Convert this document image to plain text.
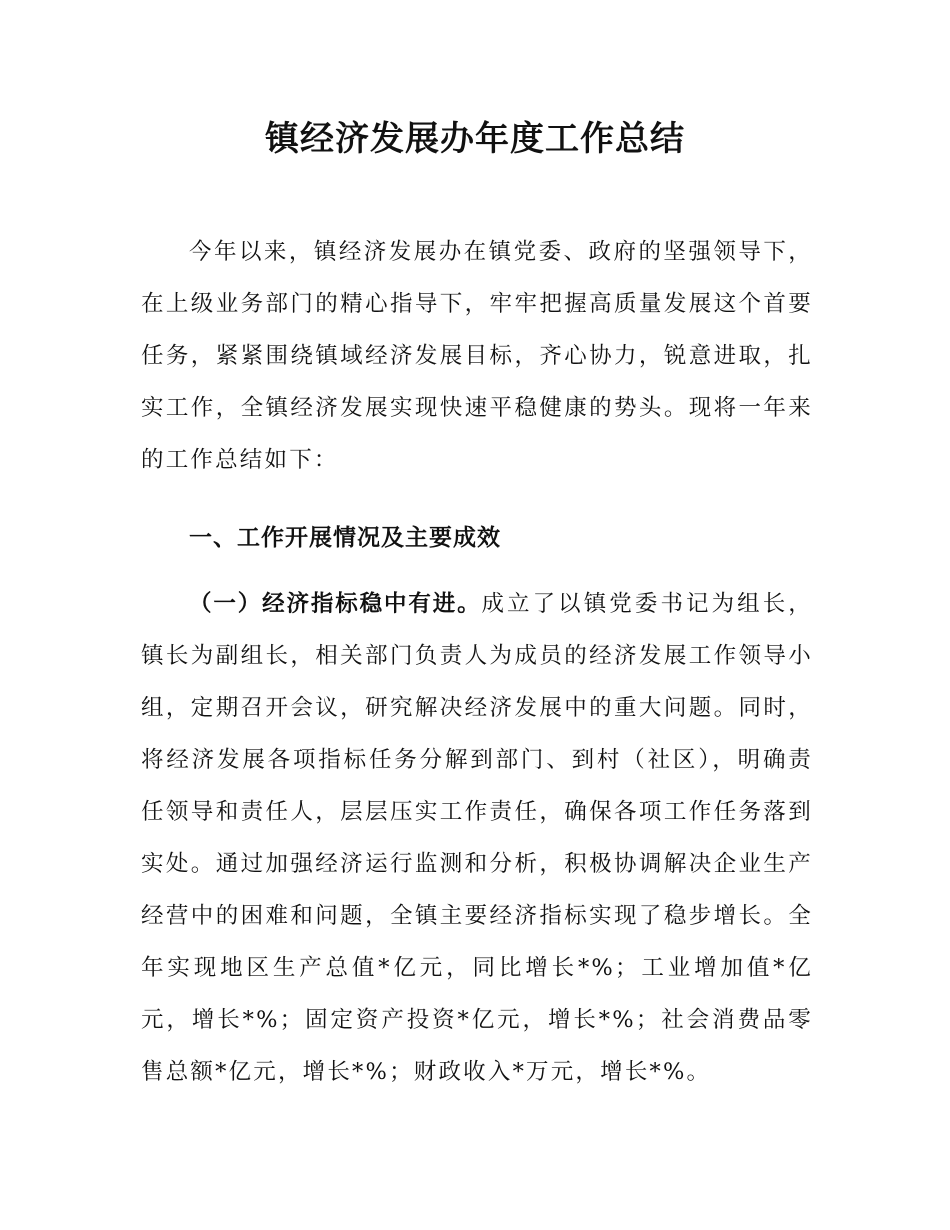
镇经济发展办年度工作总结

今年以来，镇经济发展办在镇党委、政府的坚强领导下，在上级业务部门的精心指导下，牢牢把握高质量发展这个首要任务，紧紧围绕镇域经济发展目标，齐心协力，锐意进取，扎实工作，全镇经济发展实现快速平稳健康的势头。现将一年来的工作总结如下：

一、工作开展情况及主要成效

（一）经济指标稳中有进。成立了以镇党委书记为组长，镇长为副组长，相关部门负责人为成员的经济发展工作领导小组，定期召开会议，研究解决经济发展中的重大问题。同时，将经济发展各项指标任务分解到部门、到村（社区），明确责任领导和责任人，层层压实工作责任，确保各项工作任务落到实处。通过加强经济运行监测和分析，积极协调解决企业生产经营中的困难和问题，全镇主要经济指标实现了稳步增长。全年实现地区生产总值*亿元，同比增长*%；工业增加值*亿元，增长*%；固定资产投资*亿元，增长*%；社会消费品零售总额*亿元，增长*%；财政收入*万元，增长*%。
